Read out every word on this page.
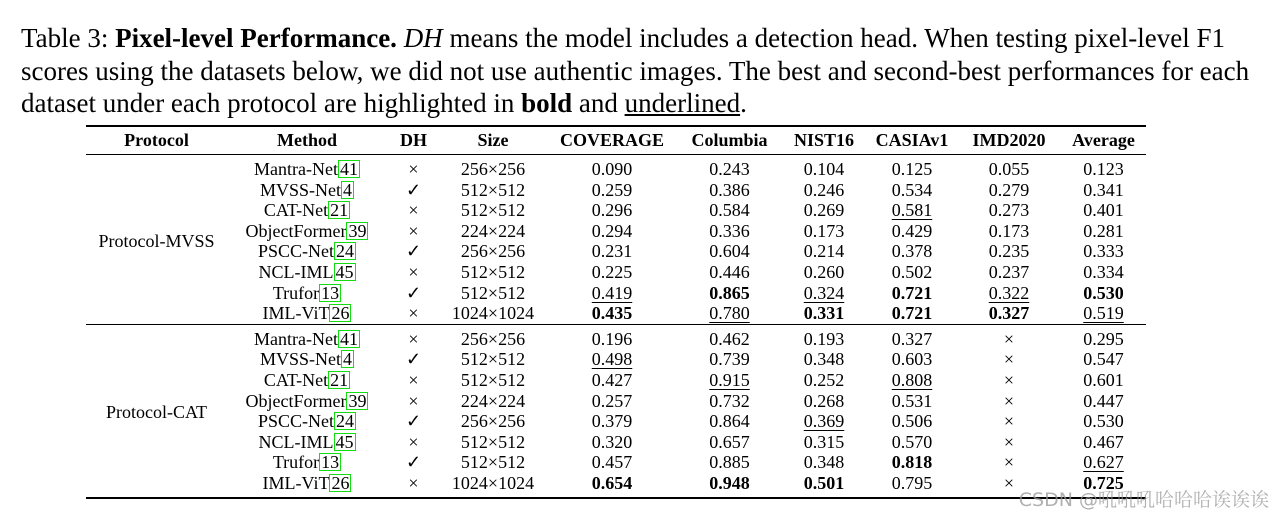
Table 3: Pixel-level Performance. DH means the model includes a detection head. When testing pixel-level F1 scores using the datasets below, we did not use authentic images. The best and second-best performances for each dataset under each protocol are highlighted in bold and underlined.
Protocol	Method	DH	Size	COVERAGE	Columbia	NIST16	CASIAv1	IMD2020	Average
Protocol-MVSS	Mantra-Net 41	×	256×256	0.090	0.243	0.104	0.125	0.055	0.123
	MVSS-Net 4	✓	512×512	0.259	0.386	0.246	0.534	0.279	0.341
	CAT-Net 21	×	512×512	0.296	0.584	0.269	0.581	0.273	0.401
	ObjectFormer 39	×	224×224	0.294	0.336	0.173	0.429	0.173	0.281
	PSCC-Net 24	✓	256×256	0.231	0.604	0.214	0.378	0.235	0.333
	NCL-IML 45	×	512×512	0.225	0.446	0.260	0.502	0.237	0.334
	Trufor 13	✓	512×512	0.419	0.865	0.324	0.721	0.322	0.530
	IML-ViT 26	×	1024×1024	0.435	0.780	0.331	0.721	0.327	0.519
Protocol-CAT	Mantra-Net 41	×	256×256	0.196	0.462	0.193	0.327	×	0.295
	MVSS-Net 4	✓	512×512	0.498	0.739	0.348	0.603	×	0.547
	CAT-Net 21	×	512×512	0.427	0.915	0.252	0.808	×	0.601
	ObjectFormer 39	×	224×224	0.257	0.732	0.268	0.531	×	0.447
	PSCC-Net 24	✓	256×256	0.379	0.864	0.369	0.506	×	0.530
	NCL-IML 45	×	512×512	0.320	0.657	0.315	0.570	×	0.467
	Trufor 13	✓	512×512	0.457	0.885	0.348	0.818	×	0.627
	IML-ViT 26	×	1024×1024	0.654	0.948	0.501	0.795	×	0.725
CSDN @吼吼吼哈哈哈诶诶诶
